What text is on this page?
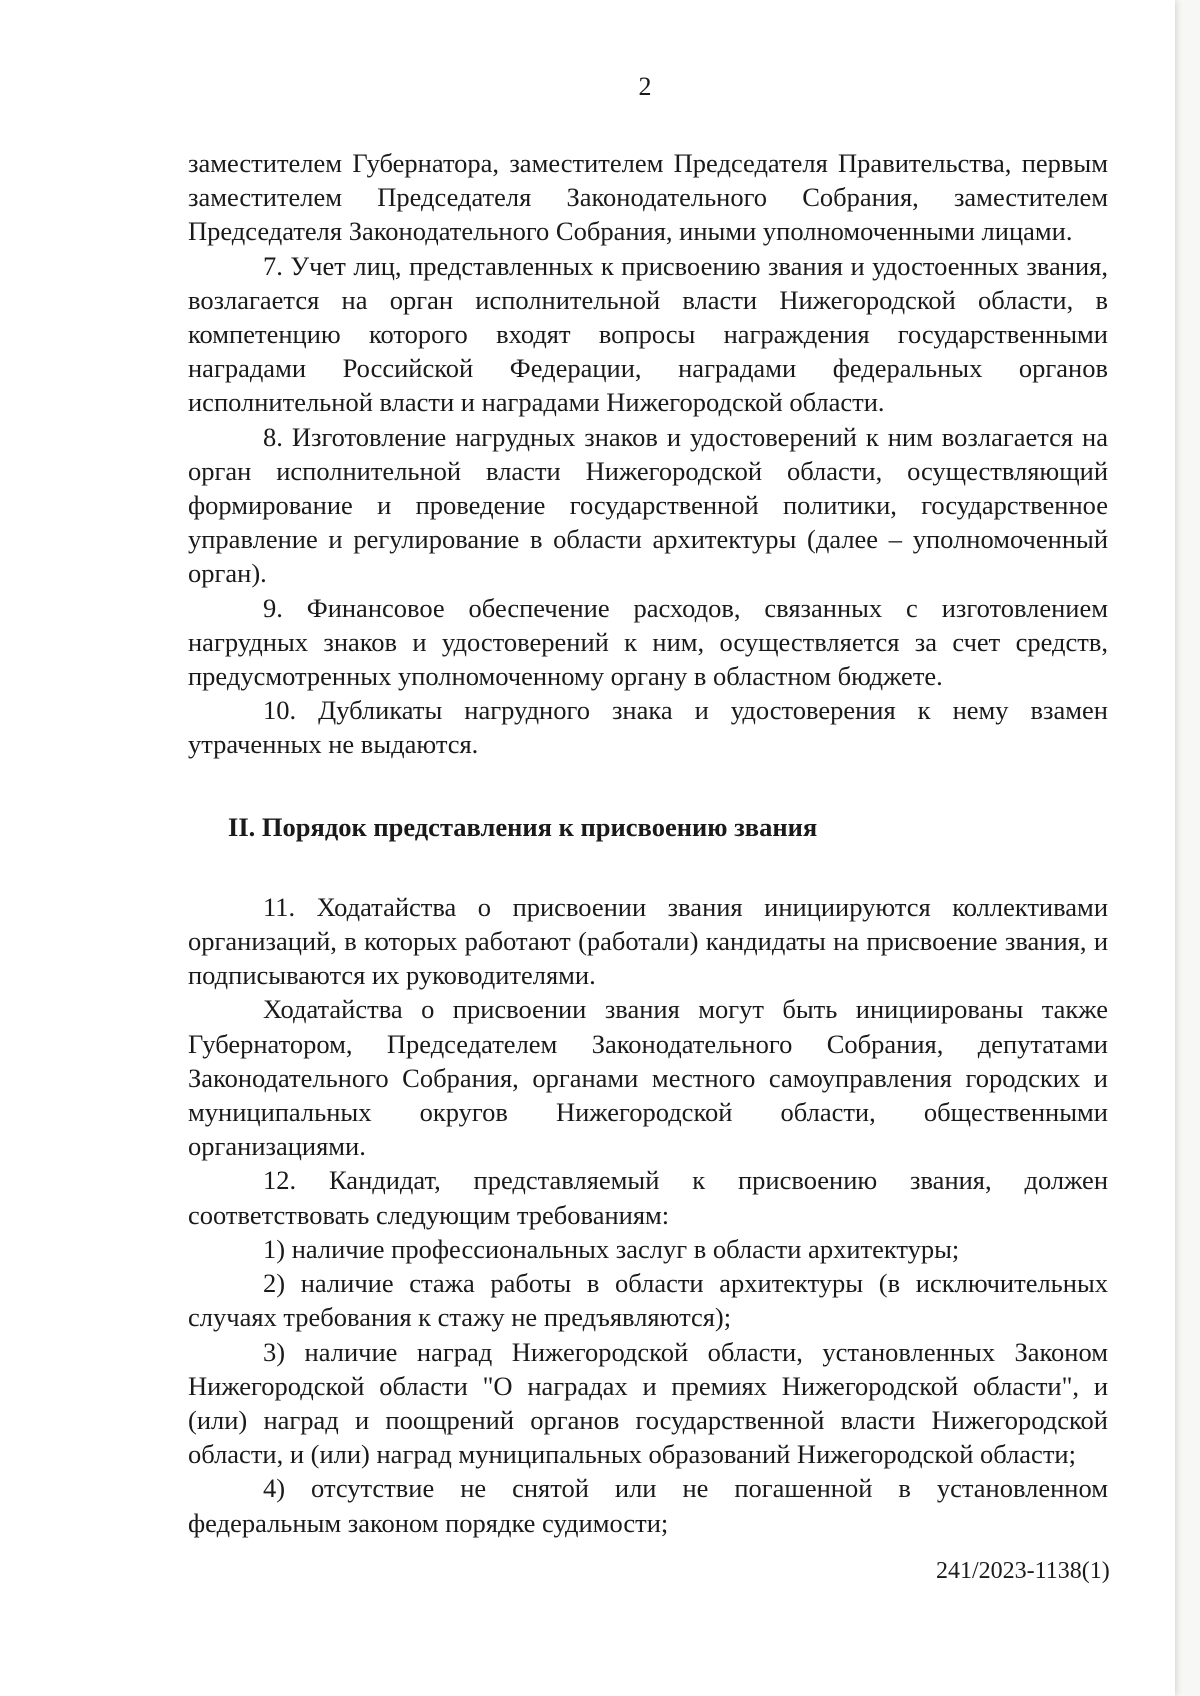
2

заместителем Губернатора, заместителем Председателя Правительства, первым заместителем Председателя Законодательного Собрания, заместителем Председателя Законодательного Собрания, иными уполномоченными лицами.

7. Учет лиц, представленных к присвоению звания и удостоенных звания, возлагается на орган исполнительной власти Нижегородской области, в компетенцию которого входят вопросы награждения государственными наградами Российской Федерации, наградами федеральных органов исполнительной власти и наградами Нижегородской области.

8. Изготовление нагрудных знаков и удостоверений к ним возлагается на орган исполнительной власти Нижегородской области, осуществляющий формирование и проведение государственной политики, государственное управление и регулирование в области архитектуры (далее – уполномоченный орган).

9. Финансовое обеспечение расходов, связанных с изготовлением нагрудных знаков и удостоверений к ним, осуществляется за счет средств, предусмотренных уполномоченному органу в областном бюджете.

10. Дубликаты нагрудного знака и удостоверения к нему взамен утраченных не выдаются.

II. Порядок представления к присвоению звания

11. Ходатайства о присвоении звания инициируются коллективами организаций, в которых работают (работали) кандидаты на присвоение звания, и подписываются их руководителями.

Ходатайства о присвоении звания могут быть инициированы также Губернатором, Председателем Законодательного Собрания, депутатами Законодательного Собрания, органами местного самоуправления городских и муниципальных округов Нижегородской области, общественными организациями.

12. Кандидат, представляемый к присвоению звания, должен соответствовать следующим требованиям:

1) наличие профессиональных заслуг в области архитектуры;

2) наличие стажа работы в области архитектуры (в исключительных случаях требования к стажу не предъявляются);

3) наличие наград Нижегородской области, установленных Законом Нижегородской области "О наградах и премиях Нижегородской области", и (или) наград и поощрений органов государственной власти Нижегородской области, и (или) наград муниципальных образований Нижегородской области;

4) отсутствие не снятой или не погашенной в установленном федеральным законом порядке судимости;

241/2023-1138(1)
